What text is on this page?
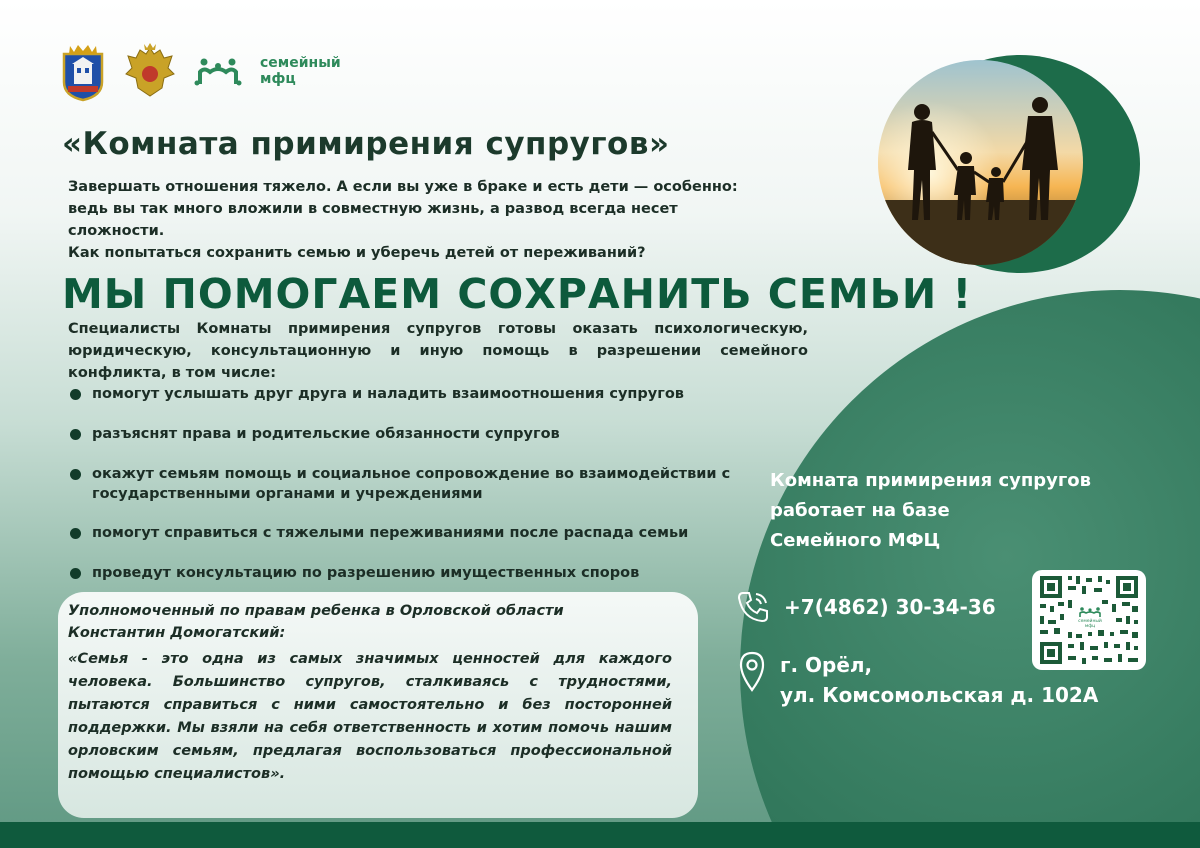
семейный
мфц
«Комната примирения супругов»

Завершать отношения тяжело. А если вы уже в браке и есть дети — особенно: ведь вы так много вложили в совместную жизнь, а развод всегда несет сложности.

Как попытаться сохранить семью и уберечь детей от переживаний?

МЫ ПОМОГАЕМ СОХРАНИТЬ СЕМЬИ !
Специалисты Комнаты примирения супругов готовы оказать психологическую, юридическую, консультационную и иную помощь в разрешении семейного конфликта, в том числе:
помогут услышать друг друга и наладить взаимоотношения супругов
разъяснят права и родительские обязанности супругов
окажут семьям помощь и социальное сопровождение во взаимодействии с государственными органами и учреждениями
помогут справиться с тяжелыми переживаниями после распада семьи
проведут консультацию по разрешению имущественных споров
Уполномоченный по правам ребенка в Орловской области
Константин Домогатский:
«Семья - это одна из самых значимых ценностей для каждого человека. Большинство супругов, сталкиваясь с трудностями, пытаются справиться с ними самостоятельно и без посторонней поддержки. Мы взяли на себя ответственность и хотим помочь нашим орловским семьям, предлагая воспользоваться профессиональной помощью специалистов».
Комната примирения супругов
работает на базе
Семейного МФЦ
+7(4862) 30-34-36
г. Орёл,
ул. Комсомольская д. 102А
семейный
мфц
